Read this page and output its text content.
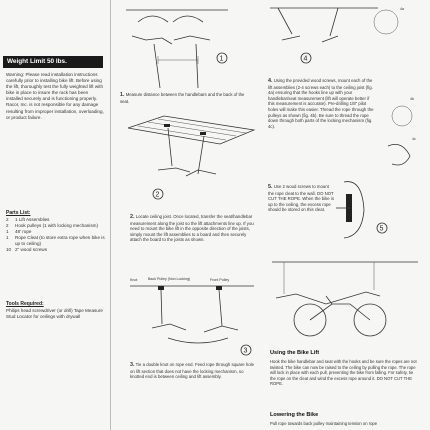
Weight Limit 50 lbs.
Warning: Please read installation instructions carefully prior to installing bike lift. Before using the lift, thoroughly test the fully weighted lift with bike in place to insure the rack has been installed securely and is functioning properly. Racor, Inc. is not responsible for any damage resulting from improper installation, overloading, or product failure.
Parts List:
2	1 Lift Assemblies
2	Hook pulleys (1 with locking mechanism)
1	48' rope
1	Rope Cleat (to store extra rope when bike is up to ceiling)
10 2" wood screws
Tools Required:
Philips head screwdriver (or drill) Tape Measure Stud Locator for ceilings with drywall
1
1. Measure distance between the handlebars and the back of the seat.
2
2. Locate ceiling joist. Once located, transfer the seat/handlebar measurement along the joist so the lift attachments line up. If you need to mount the bike lift in the opposite direction of the joists, simply mount the lift assemblies to a board and then securely attach the board to the joists as shown.
Knot	Back Pulley (Non Locking)	Front Pulley
3
3. Tie a double knot on rope end. Feed rope through square hole on lift section that does not have the locking mechanism, so knotted end is between ceiling and lift assembly.
4
4a
4. Using the provided wood screws, mount each of the lift assemblies (2-4 screws each) to the ceiling joist (fig. 4a) ensuring that the hooks line up with your handlebar/seat measurement (lift will operate better if this measurement is accurate). Pre-drilling 1/8" pilot holes will make this easier. Thread the rope through the pulleys as shown (fig. 4b). Be sure to thread the rope down through both parts of the locking mechanism (fig. 4c).
4b
4c
5. Use 2 wood screws to mount the rope cleat to the wall. DO NOT CUT THE ROPE. When the bike is up to the ceiling, the excess rope should be stored on this cleat.
5
Using the Bike Lift
Hook the bike handlebar and seat with the hooks and be sure the ropes are not twisted. The bike can now be raised to the ceiling by pulling the rope. The rope will lock in place with each pull, preventing the bike from falling. For safety, tie the rope on the cleat and wind the excess rope around it. DO NOT CUT THE ROPE.
Lowering the Bike
Pull rope towards back pulley maintaining tension on rope
